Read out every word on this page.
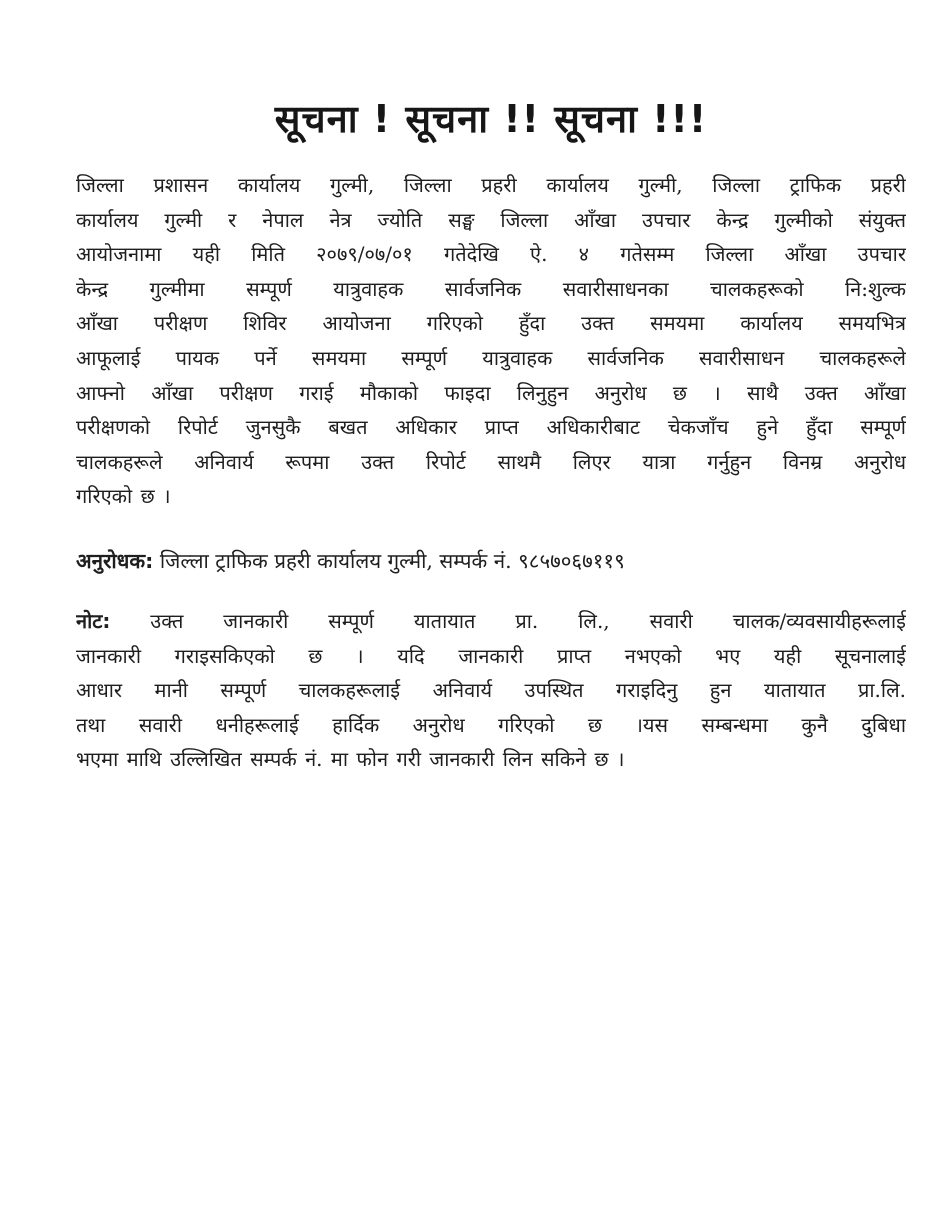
सूचना ! सूचना !! सूचना !!!
जिल्ला प्रशासन कार्यालय गुल्मी, जिल्ला प्रहरी कार्यालय गुल्मी, जिल्ला ट्राफिक प्रहरी
कार्यालय गुल्मी र नेपाल नेत्र ज्योति सङ्घ जिल्ला आँखा उपचार केन्द्र गुल्मीको संयुक्त
आयोजनामा यही मिति २०७९/०७/०१ गतेदेखि ऐ. ४ गतेसम्म जिल्ला आँखा उपचार
केन्द्र गुल्मीमा सम्पूर्ण यात्रुवाहक सार्वजनिक सवारीसाधनका चालकहरूको नि:शुल्क
आँखा परीक्षण शिविर आयोजना गरिएको हुँदा उक्त समयमा कार्यालय समयभित्र
आफूलाई पायक पर्ने समयमा सम्पूर्ण यात्रुवाहक सार्वजनिक सवारीसाधन चालकहरूले
आफ्नो आँखा परीक्षण गराई मौकाको फाइदा लिनुहुन अनुरोध छ । साथै उक्त आँखा
परीक्षणको रिपोर्ट जुनसुकै बखत अधिकार प्राप्त अधिकारीबाट चेकजाँच हुने हुँदा सम्पूर्ण
चालकहरूले अनिवार्य रूपमा उक्त रिपोर्ट साथमै लिएर यात्रा गर्नुहुन विनम्र अनुरोध
गरिएको छ ।
अनुरोधक: जिल्ला ट्राफिक प्रहरी कार्यालय गुल्मी, सम्पर्क नं. ९८५७०६७११९
नोट: उक्त जानकारी सम्पूर्ण यातायात प्रा. लि., सवारी चालक/व्यवसायीहरूलाई
जानकारी गराइसकिएको छ । यदि जानकारी प्राप्त नभएको भए यही सूचनालाई
आधार मानी सम्पूर्ण चालकहरूलाई अनिवार्य उपस्थित गराइदिनु हुन यातायात प्रा.लि.
तथा सवारी धनीहरूलाई हार्दिक अनुरोध गरिएको छ ।यस सम्बन्धमा कुनै दुबिधा
भएमा माथि उल्लिखित सम्पर्क नं. मा फोन गरी जानकारी लिन सकिने छ ।
